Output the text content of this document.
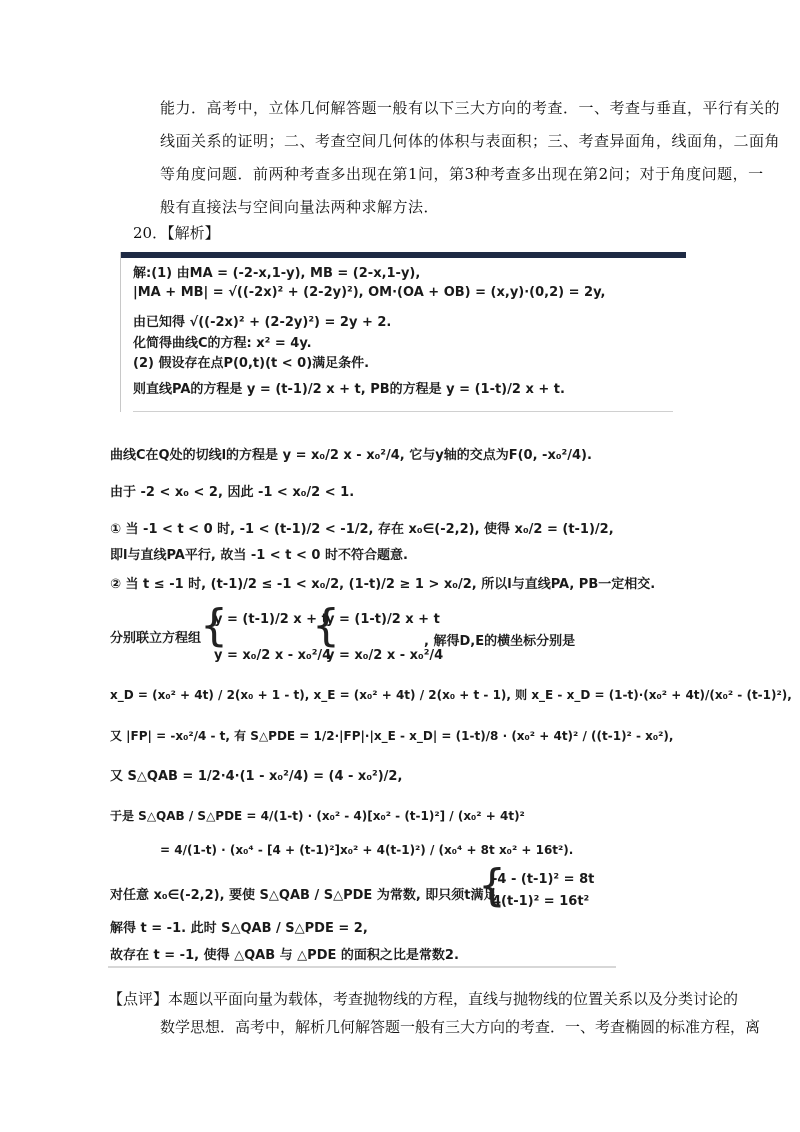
能力．高考中，立体几何解答题一般有以下三大方向的考查．一、考查与垂直，平行有关的
线面关系的证明；二、考查空间几何体的体积与表面积；三、考查异面角，线面角，二面角
等角度问题．前两种考查多出现在第1问，第3种考查多出现在第2问；对于角度问题，一
般有直接法与空间向量法两种求解方法．
20．【解析】
解:(1) 由MA = (-2-x,1-y), MB = (2-x,1-y),
|MA + MB| = √((-2x)² + (2-2y)²), OM·(OA + OB) = (x,y)·(0,2) = 2y,
由已知得 √((-2x)² + (2-2y)²) = 2y + 2.
化简得曲线C的方程: x² = 4y.
(2) 假设存在点P(0,t)(t < 0)满足条件.
则直线PA的方程是 y = (t-1)/2 x + t, PB的方程是 y = (1-t)/2 x + t.
曲线C在Q处的切线l的方程是 y = x₀/2 x - x₀²/4, 它与y轴的交点为F(0, -x₀²/4).
由于 -2 < x₀ < 2, 因此 -1 < x₀/2 < 1.
① 当 -1 < t < 0 时, -1 < (t-1)/2 < -1/2, 存在 x₀∈(-2,2), 使得 x₀/2 = (t-1)/2,
即l与直线PA平行, 故当 -1 < t < 0 时不符合题意.
② 当 t ≤ -1 时, (t-1)/2 ≤ -1 < x₀/2, (1-t)/2 ≥ 1 > x₀/2, 所以l与直线PA, PB一定相交.
分别联立方程组
{
y = (t-1)/2 x + t
y = x₀/2 x - x₀²/4
{
y = (1-t)/2 x + t
y = x₀/2 x - x₀²/4
, 解得D,E的横坐标分别是
x_D = (x₀² + 4t) / 2(x₀ + 1 - t), x_E = (x₀² + 4t) / 2(x₀ + t - 1), 则 x_E - x_D = (1-t)·(x₀² + 4t)/(x₀² - (t-1)²),
又 |FP| = -x₀²/4 - t, 有 S△PDE = 1/2·|FP|·|x_E - x_D| = (1-t)/8 · (x₀² + 4t)² / ((t-1)² - x₀²),
又 S△QAB = 1/2·4·(1 - x₀²/4) = (4 - x₀²)/2,
于是 S△QAB / S△PDE = 4/(1-t) · (x₀² - 4)[x₀² - (t-1)²] / (x₀² + 4t)²
= 4/(1-t) · (x₀⁴ - [4 + (t-1)²]x₀² + 4(t-1)²) / (x₀⁴ + 8t x₀² + 16t²).
对任意 x₀∈(-2,2), 要使 S△QAB / S△PDE 为常数, 即只须t满足
{
-4 - (t-1)² = 8t
4(t-1)² = 16t²
解得 t = -1. 此时 S△QAB / S△PDE = 2,
故存在 t = -1, 使得 △QAB 与 △PDE 的面积之比是常数2.
【点评】本题以平面向量为载体，考查抛物线的方程，直线与抛物线的位置关系以及分类讨论的
数学思想．高考中，解析几何解答题一般有三大方向的考查．一、考查椭圆的标准方程，离
